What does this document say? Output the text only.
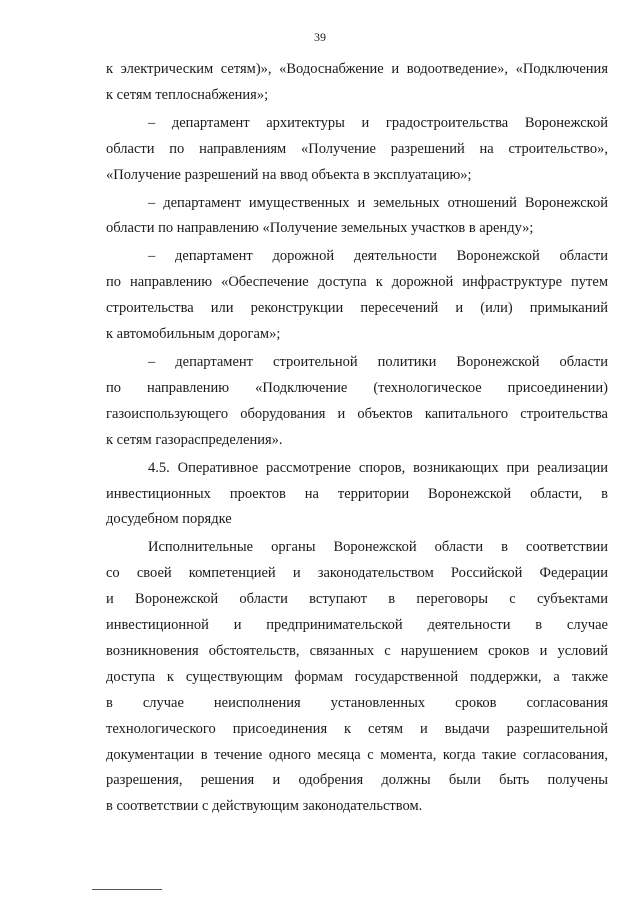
39
к электрическим сетям)», «Водоснабжение и водоотведение», «Подключения
к сетям теплоснабжения»;
– департамент архитектуры и градостроительства Воронежской
области по направлениям «Получение разрешений на строительство»,
«Получение разрешений на ввод объекта в эксплуатацию»;
– департамент имущественных и земельных отношений Воронежской
области по направлению «Получение земельных участков в аренду»;
– департамент дорожной деятельности Воронежской области
по направлению «Обеспечение доступа к дорожной инфраструктуре путем
строительства или реконструкции пересечений и (или) примыканий
к автомобильным дорогам»;
– департамент строительной политики Воронежской области
по направлению «Подключение (технологическое присоединении)
газоиспользующего оборудования и объектов капитального строительства
к сетям газораспределения».
4.5. Оперативное рассмотрение споров, возникающих при реализации
инвестиционных проектов на территории Воронежской области, в
досудебном порядке
Исполнительные органы Воронежской области в соответствии
со своей компетенцией и законодательством Российской Федерации
и Воронежской области вступают в переговоры с субъектами
инвестиционной и предпринимательской деятельности в случае
возникновения обстоятельств, связанных с нарушением сроков и условий
доступа к существующим формам государственной поддержки, а также
в случае неисполнения установленных сроков согласования
технологического присоединения к сетям и выдачи разрешительной
документации в течение одного месяца с момента, когда такие согласования,
разрешения, решения и одобрения должны были быть получены
в соответствии с действующим законодательством.
